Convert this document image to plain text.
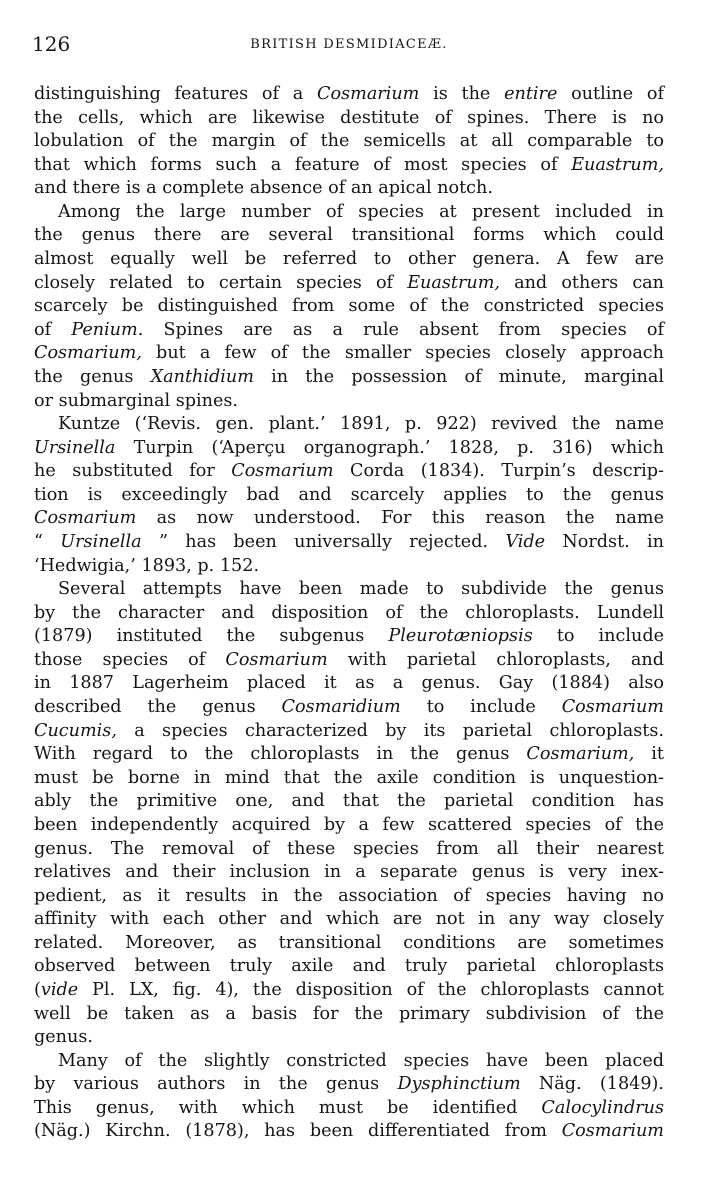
126	BRITISH DESMIDIACEÆ.
distinguishing features of a Cosmarium is the entire outline of
the cells, which are likewise destitute of spines. There is no
lobulation of the margin of the semicells at all comparable to
that which forms such a feature of most species of Euastrum,
and there is a complete absence of an apical notch.
Among the large number of species at present included in
the genus there are several transitional forms which could
almost equally well be referred to other genera. A few are
closely related to certain species of Euastrum, and others can
scarcely be distinguished from some of the constricted species
of Penium. Spines are as a rule absent from species of
Cosmarium, but a few of the smaller species closely approach
the genus Xanthidium in the possession of minute, marginal
or submarginal spines.
Kuntze (‘Revis. gen. plant.’ 1891, p. 922) revived the name
Ursinella Turpin (‘Aperçu organograph.’ 1828, p. 316) which
he substituted for Cosmarium Corda (1834). Turpin’s descrip-
tion is exceedingly bad and scarcely applies to the genus
Cosmarium as now understood. For this reason the name
“ Ursinella ” has been universally rejected. Vide Nordst. in
‘Hedwigia,’ 1893, p. 152.
Several attempts have been made to subdivide the genus
by the character and disposition of the chloroplasts. Lundell
(1879) instituted the subgenus Pleurotæniopsis to include
those species of Cosmarium with parietal chloroplasts, and
in 1887 Lagerheim placed it as a genus. Gay (1884) also
described the genus Cosmaridium to include Cosmarium
Cucumis, a species characterized by its parietal chloroplasts.
With regard to the chloroplasts in the genus Cosmarium, it
must be borne in mind that the axile condition is unquestion-
ably the primitive one, and that the parietal condition has
been independently acquired by a few scattered species of the
genus. The removal of these species from all their nearest
relatives and their inclusion in a separate genus is very inex-
pedient, as it results in the association of species having no
affinity with each other and which are not in any way closely
related. Moreover, as transitional conditions are sometimes
observed between truly axile and truly parietal chloroplasts
(vide Pl. LX, fig. 4), the disposition of the chloroplasts cannot
well be taken as a basis for the primary subdivision of the
genus.
Many of the slightly constricted species have been placed
by various authors in the genus Dysphinctium Näg. (1849).
This genus, with which must be identified Calocylindrus
(Näg.) Kirchn. (1878), has been differentiated from Cosmarium
